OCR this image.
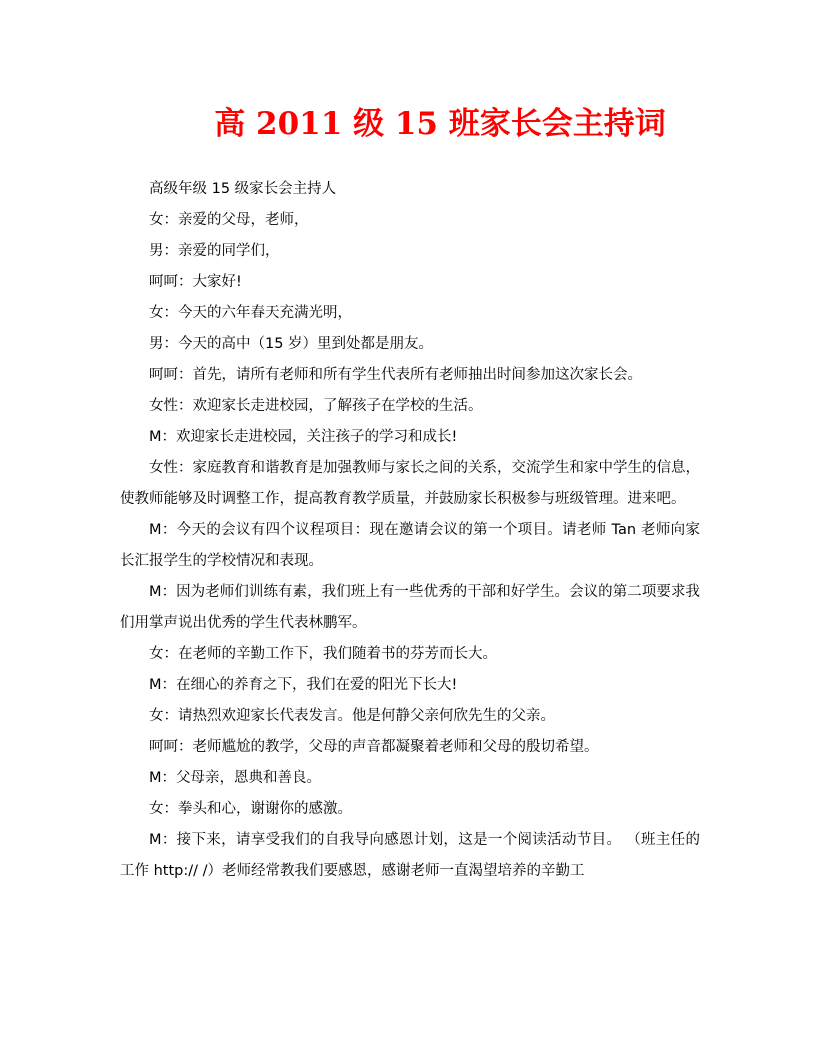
高 2011 级 15 班家长会主持词

高级年级 15 级家长会主持人

女：亲爱的父母，老师，

男：亲爱的同学们，

呵呵：大家好!

女：今天的六年春天充满光明，

男：今天的高中（15 岁）里到处都是朋友。

呵呵：首先，请所有老师和所有学生代表所有老师抽出时间参加这次家长会。

女性：欢迎家长走进校园，了解孩子在学校的生活。

M：欢迎家长走进校园，关注孩子的学习和成长!

女性：家庭教育和谐教育是加强教师与家长之间的关系，交流学生和家中学生的信息，使教师能够及时调整工作，提高教育教学质量，并鼓励家长积极参与班级管理。进来吧。

M：今天的会议有四个议程项目：现在邀请会议的第一个项目。请老师 Tan 老师向家长汇报学生的学校情况和表现。

M：因为老师们训练有素，我们班上有一些优秀的干部和好学生。会议的第二项要求我们用掌声说出优秀的学生代表林鹏军。

女：在老师的辛勤工作下，我们随着书的芬芳而长大。

M：在细心的养育之下，我们在爱的阳光下长大!

女：请热烈欢迎家长代表发言。他是何静父亲何欣先生的父亲。

呵呵：老师尴尬的教学，父母的声音都凝聚着老师和父母的殷切希望。

M：父母亲，恩典和善良。

女：拳头和心，谢谢你的感激。

M：接下来，请享受我们的自我导向感恩计划，这是一个阅读活动节目。 （班主任的工作 http:// /）老师经常教我们要感恩，感谢老师一直渴望培养的辛勤工
